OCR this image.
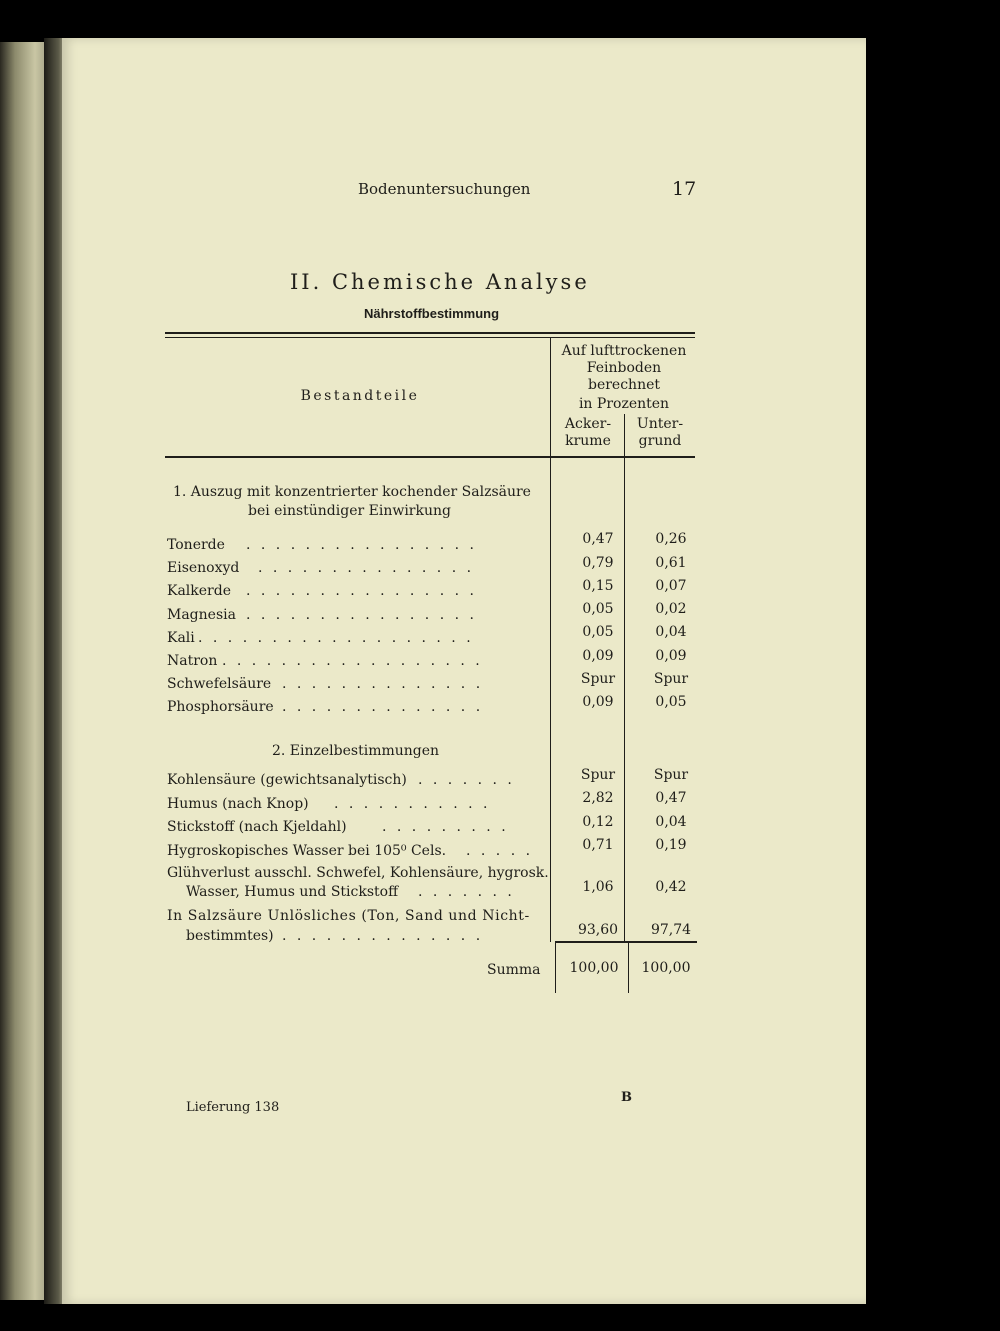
Bodenuntersuchungen	17
II. Chemische Analyse
Nährstoffbestimmung
Bestandteile
Auf lufttrockenen
Feinboden
berechnet
in Prozenten
Acker-
krume
Unter-
grund
1. Auszug mit konzentrierter kochender Salzsäure
bei einstündiger Einwirkung
Tonerde . . . . . . . . . . . . . . . .	0,47	0,26
Eisenoxyd . . . . . . . . . . . . . . .	0,79	0,61
Kalkerde . . . . . . . . . . . . . . . .	0,15	0,07
Magnesia . . . . . . . . . . . . . . . .	0,05	0,02
Kali . . . . . . . . . . . . . . . . . . .	0,05	0,04
Natron . . . . . . . . . . . . . . . . . .	0,09	0,09
Schwefelsäure . . . . . . . . . . . . . .	Spur	Spur
Phosphorsäure . . . . . . . . . . . . . .	0,09	0,05
2. Einzelbestimmungen
Kohlensäure (gewichtsanalytisch) . . . . . . .	Spur	Spur
Humus (nach Knop) . . . . . . . . . . .	2,82	0,47
Stickstoff (nach Kjeldahl)	. . . . . . . . .	0,12	0,04
Hygroskopisches Wasser bei 105⁰ Cels. . . . . .	0,71	0,19
Glühverlust ausschl. Schwefel, Kohlensäure, hygrosk.
Wasser, Humus und Stickstoff . . . . . . .	1,06	0,42
In Salzsäure Unlösliches (Ton, Sand und Nicht-
bestimmtes) . . . . . . . . . . . . . .	93,60	97,74
Summa	100,00	100,00
Lieferung 138
B
